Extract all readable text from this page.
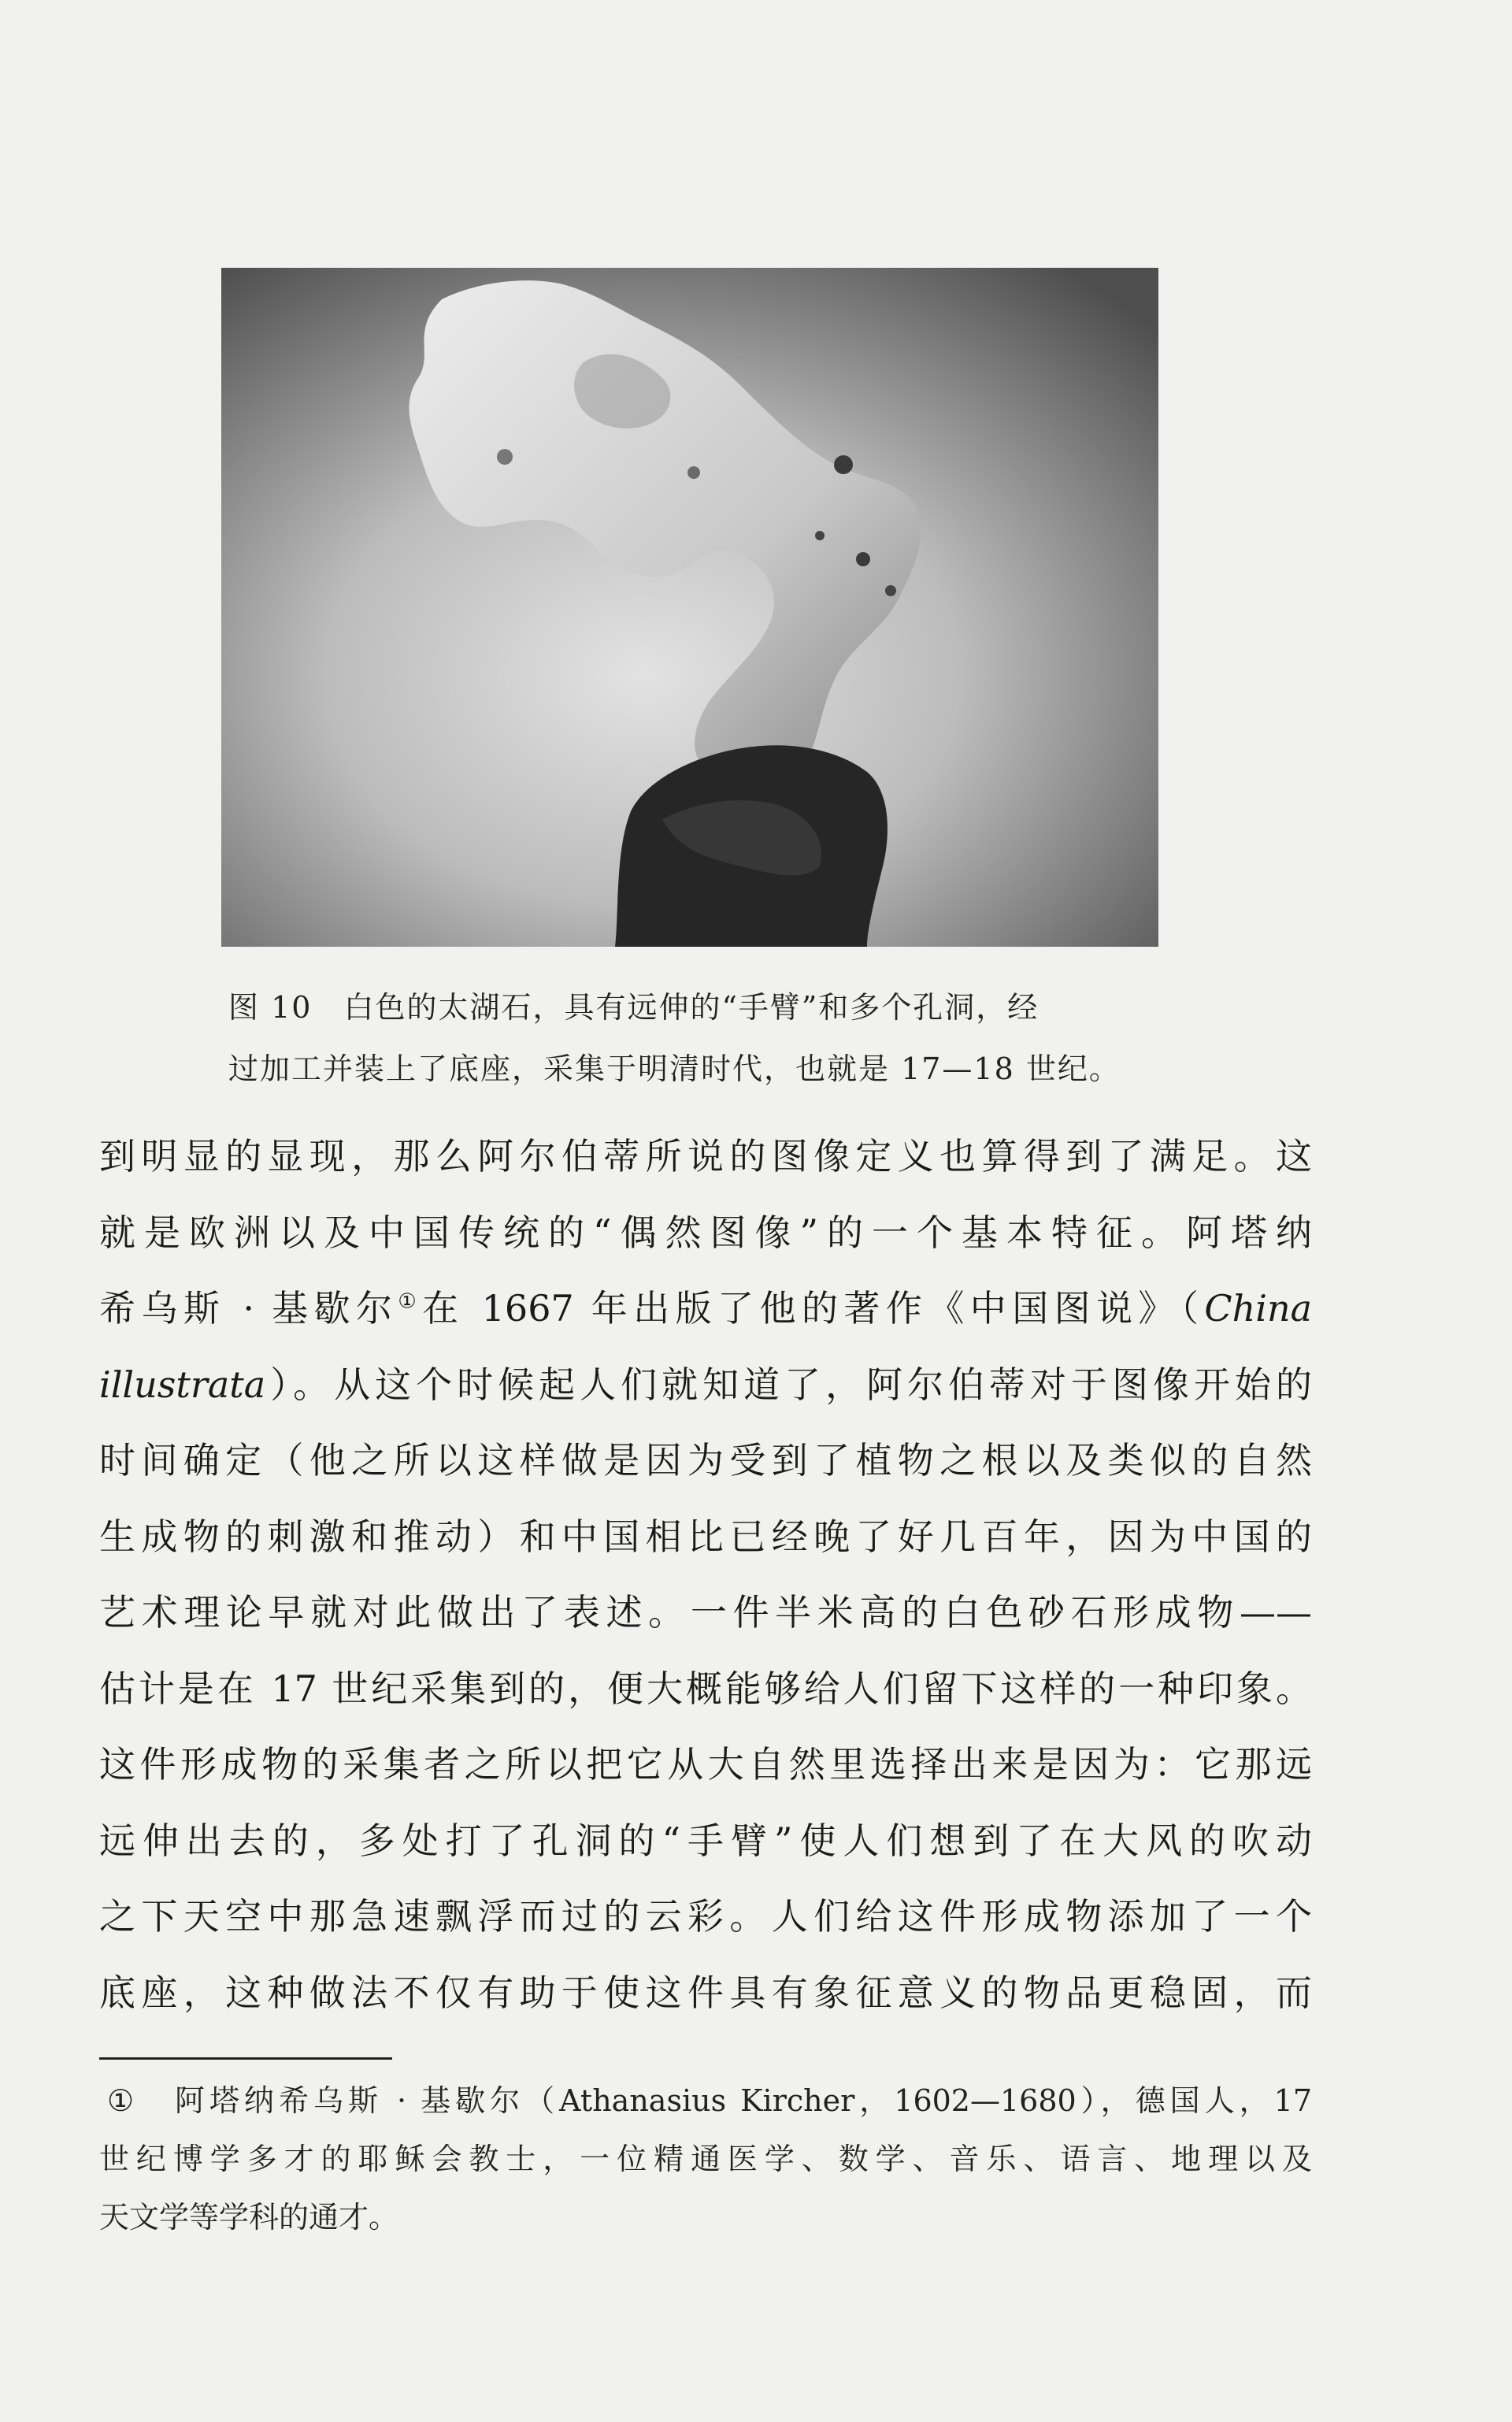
图 10 白色的太湖石，具有远伸的“手臂”和多个孔洞，经
过加工并装上了底座，采集于明清时代，也就是 17—18 世纪。
到明显的显现，那么阿尔伯蒂所说的图像定义也算得到了满足。这
就是欧洲以及中国传统的“偶然图像”的一个基本特征。阿塔纳
希乌斯 · 基歇尔①在 1667 年出版了他的著作《中国图说》（China
illustrata）。从这个时候起人们就知道了，阿尔伯蒂对于图像开始的
时间确定（他之所以这样做是因为受到了植物之根以及类似的自然
生成物的刺激和推动）和中国相比已经晚了好几百年，因为中国的
艺术理论早就对此做出了表述。一件半米高的白色砂石形成物——
估计是在 17 世纪采集到的，便大概能够给人们留下这样的一种印象。
这件形成物的采集者之所以把它从大自然里选择出来是因为：它那远
远伸出去的，多处打了孔洞的“手臂”使人们想到了在大风的吹动
之下天空中那急速飘浮而过的云彩。人们给这件形成物添加了一个
底座，这种做法不仅有助于使这件具有象征意义的物品更稳固，而
① 阿塔纳希乌斯 · 基歇尔（Athanasius Kircher，1602—1680），德国人，17
世纪博学多才的耶稣会教士，一位精通医学、数学、音乐、语言、地理以及
天文学等学科的通才。
